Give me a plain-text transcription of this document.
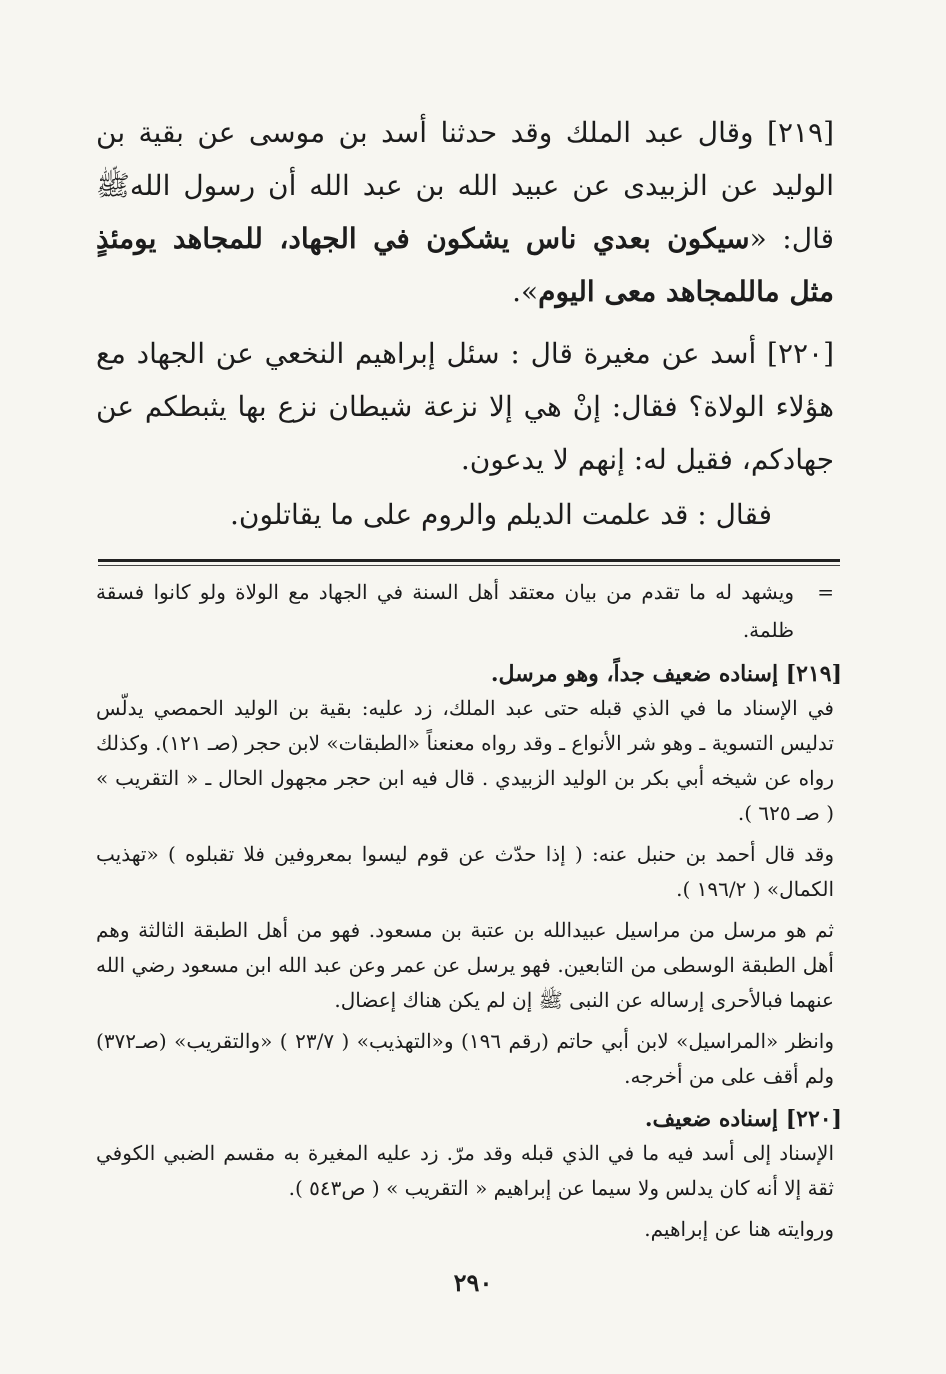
[٢١٩] وقال عبد الملك وقد حدثنا أسد بن موسى عن بقية بن الوليد عن الزبيدى عن عبيد الله بن عبد الله أن رسول اللهﷺ قال: «سيكون بعدي ناس يشكون في الجهاد، للمجاهد يومئذٍ مثل ماللمجاهد معى اليوم».

[٢٢٠] أسد عن مغيرة قال : سئل إبراهيم النخعي عن الجهاد مع هؤلاء الولاة؟ فقال: إنْ هي إلا نزعة شيطان نزع بها يثبطكم عن جهادكم، فقيل له: إنهم لا يدعون.

فقال : قد علمت الديلم والروم على ما يقاتلون.

=
ويشهد له ما تقدم من بيان معتقد أهل السنة في الجهاد مع الولاة ولو كانوا فسقة ظلمة.
[٢١٩] إسناده ضعيف جداً، وهو مرسل.

في الإسناد ما في الذي قبله حتى عبد الملك، زد عليه: بقية بن الوليد الحمصي يدلّس تدليس التسوية ـ وهو شر الأنواع ـ وقد رواه معنعناً «الطبقات» لابن حجر (صـ ١٢١). وكذلك رواه عن شيخه أبي بكر بن الوليد الزبيدي . قال فيه ابن حجر مجهول الحال ـ « التقريب » ( صـ ٦٢٥ ).

وقد قال أحمد بن حنبل عنه: ( إذا حدّث عن قوم ليسوا بمعروفين فلا تقبلوه ) «تهذيب الكمال» ( ١٩٦/٢ ).

ثم هو مرسل من مراسيل عبيدالله بن عتبة بن مسعود. فهو من أهل الطبقة الثالثة وهم أهل الطبقة الوسطى من التابعين. فهو يرسل عن عمر وعن عبد الله ابن مسعود رضي الله عنهما فبالأحرى إرساله عن النبى ﷺ إن لم يكن هناك إعضال.

وانظر «المراسيل» لابن أبي حاتم (رقم ١٩٦) و«التهذيب» ( ٢٣/٧ ) «والتقريب» (صـ٣٧٢) ولم أقف على من أخرجه.

[٢٢٠] إسناده ضعيف.

الإسناد إلى أسد فيه ما في الذي قبله وقد مرّ. زد عليه المغيرة به مقسم الضبي الكوفي ثقة إلا أنه كان يدلس ولا سيما عن إبراهيم « التقريب » ( ص٥٤٣ ).

وروايته هنا عن إبراهيم.

٢٩٠
